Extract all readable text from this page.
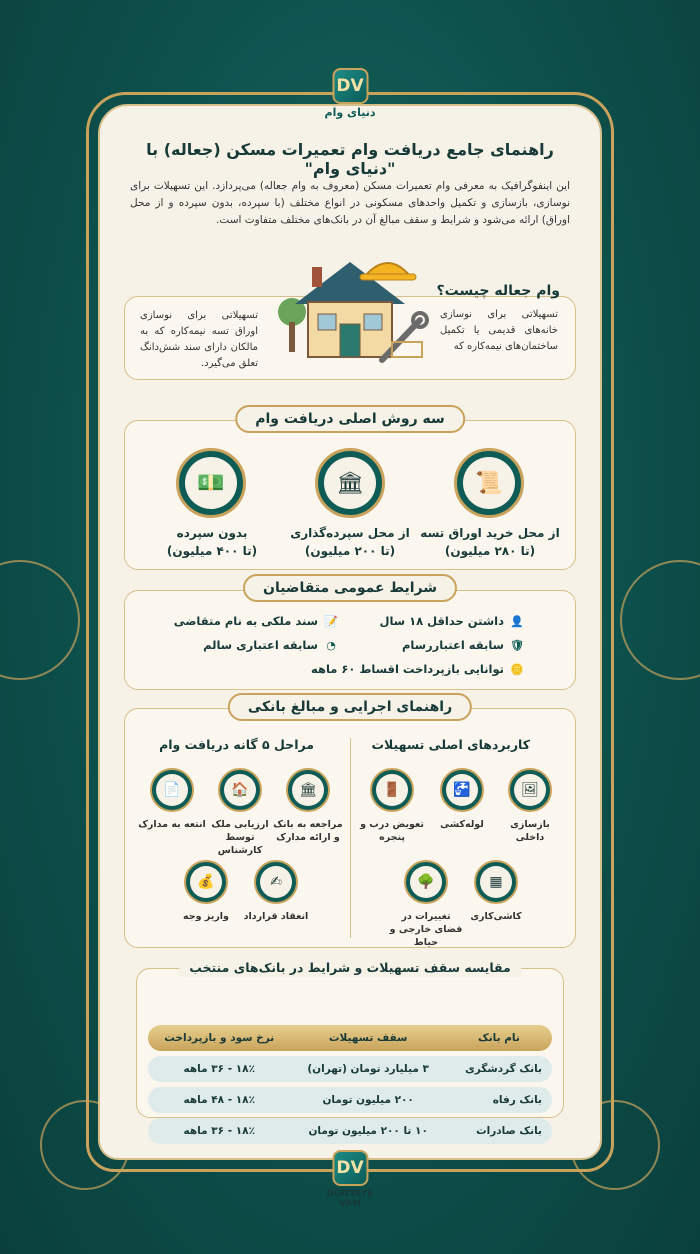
DV
دنیای وام
راهنمای جامع دریافت وام تعمیرات مسکن (جعاله) با "دنیای وام"
این اینفوگرافیک به معرفی وام تعمیرات مسکن (معروف به وام جعاله) می‌پردازد. این تسهیلات برای نوسازی، بازسازی و تکمیل واحدهای مسکونی در انواع مختلف (با سپرده، بدون سپرده و از محل اوراق) ارائه می‌شود و شرایط و سقف مبالغ آن در بانک‌های مختلف متفاوت است.
وام جعاله چیست؟
تسهیلاتی برای نوسازی خانه‌های قدیمی یا تکمیل ساختمان‌های نیمه‌کاره که
تسهیلاتی برای نوسازی اوراق تسه نیمه‌کاره که به مالکان دارای سند شش‌دانگ تعلق می‌گیرد.
سه روش اصلی دریافت وام
📜
از محل خرید اوراق تسه
(تا ۲۸۰ میلیون)
🏛
از محل سپرده‌گذاری
(تا ۲۰۰ میلیون)
💵
بدون سپرده
(تا ۴۰۰ میلیون)
شرایط عمومی متقاضیان
👤
داشتن حداقل ۱۸ سال
📝
سند ملکی به نام متقاضی
🛡
سابقه اعتباررسام
◔
سابقه اعتباری سالم
🪙
توانایی بازپرداخت اقساط ۶۰ ماهه
راهنمای اجرایی و مبالغ بانکی
کاربردهای اصلی تسهیلات
مراحل ۵ گانه دریافت وام
🖼
بازسازی داخلی
🚰
لوله‌کشی
🚪
تعویض درب و پنجره
▦
کاشی‌کاری
🌳
تغییرات در فضای خارجی و حیاط
🏛
مراجعه به بانک و ارائه مدارک
🏠
ارزیابی ملک توسط کارشناس
📄
انتعه به مدارک
✍
انعقاد قرارداد
💰
واریز وجه
مقایسه سقف تسهیلات و شرایط در بانک‌های منتخب
نام بانک	سقف تسهیلات	نرخ سود و بازپرداخت
بانک گردشگری	۳ میلیارد تومان (تهران)	۱۸٪ - ۳۶ ماهه
بانک رفاه	۲۰۰ میلیون تومان	۱۸٪ - ۴۸ ماهه
بانک صادرات	۱۰ تا ۲۰۰ میلیون تومان	۱۸٪ - ۳۶ ماهه
DV
DONYAYE
VAM
